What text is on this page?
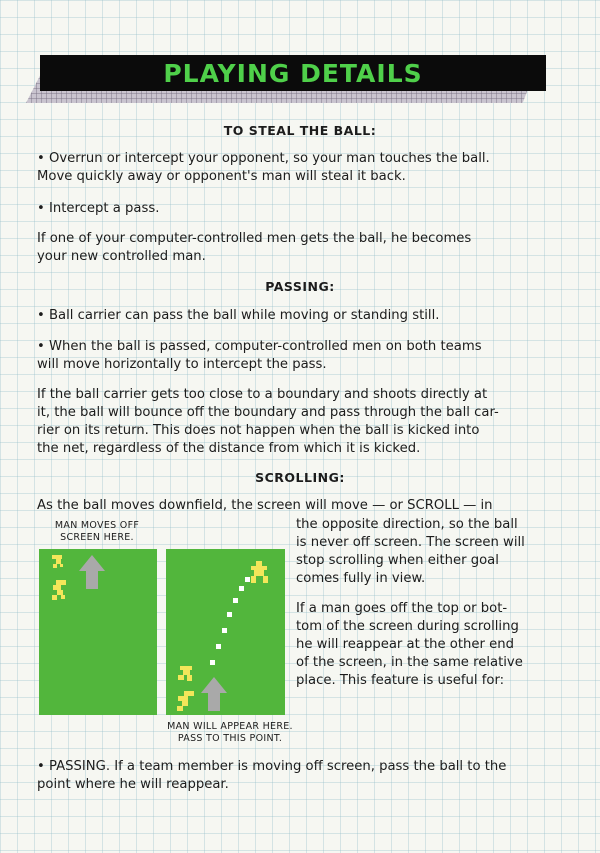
PLAYING DETAILS
TO STEAL THE BALL:

• Overrun or intercept your opponent, so your man touches the ball.

Move quickly away or opponent's man will steal it back.

• Intercept a pass.

If one of your computer-controlled men gets the ball, he becomes

your new controlled man.

PASSING:

• Ball carrier can pass the ball while moving or standing still.

• When the ball is passed, computer-controlled men on both teams

will move horizontally to intercept the pass.

If the ball carrier gets too close to a boundary and shoots directly at

it, the ball will bounce off the boundary and pass through the ball car-

rier on its return. This does not happen when the ball is kicked into

the net, regardless of the distance from which it is kicked.

SCROLLING:

As the ball moves downfield, the screen will move — or SCROLL — in

the opposite direction, so the ball

is never off screen. The screen will

stop scrolling when either goal

comes fully in view.

If a man goes off the top or bot-

tom of the screen during scrolling

he will reappear at the other end

of the screen, in the same relative

place. This feature is useful for:

MAN MOVES OFF

SCREEN HERE.

MAN WILL APPEAR HERE.

PASS TO THIS POINT.

• PASSING. If a team member is moving off screen, pass the ball to the

point where he will reappear.
